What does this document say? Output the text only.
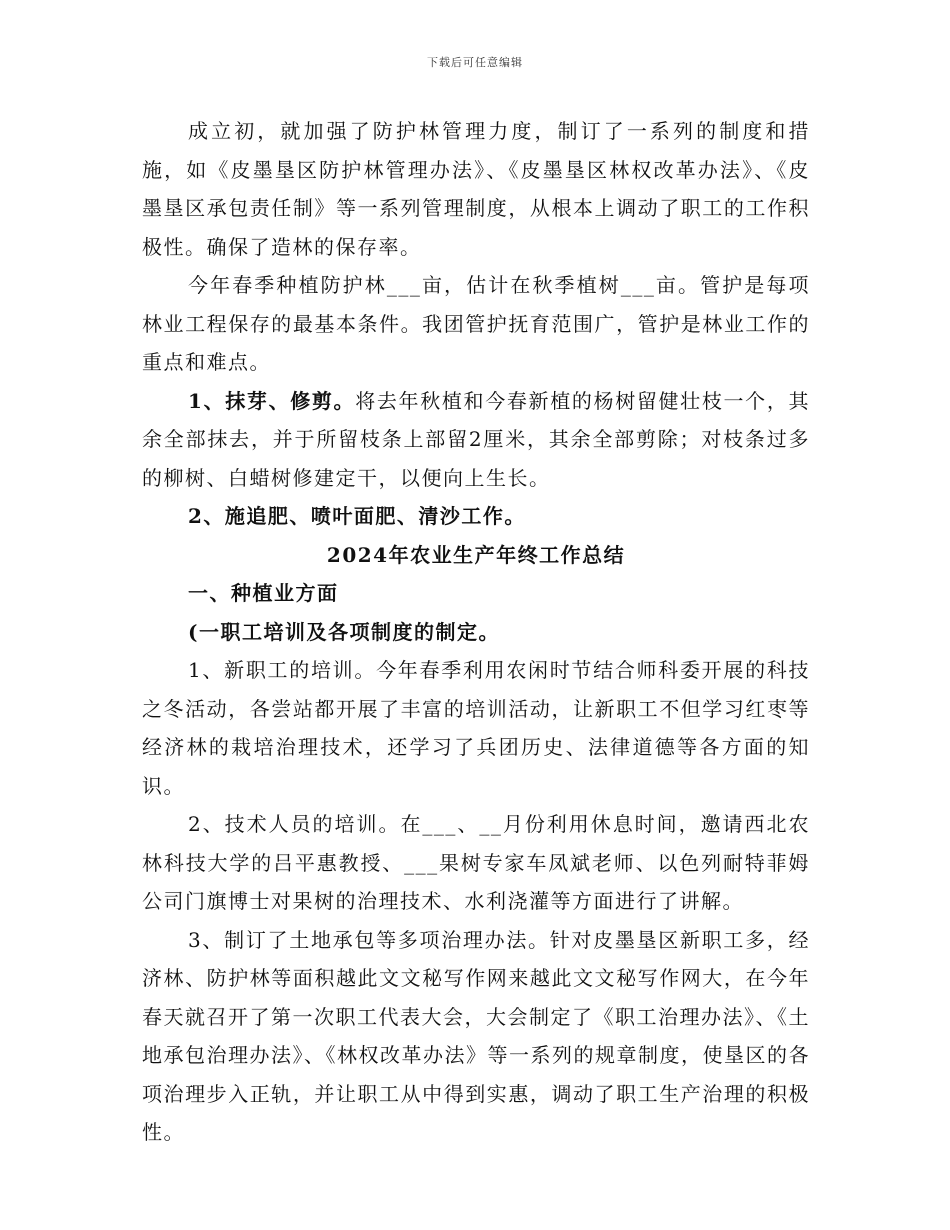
下载后可任意编辑

成立初，就加强了防护林管理力度，制订了一系列的制度和措施，如《皮墨垦区防护林管理办法》、《皮墨垦区林权改革办法》、《皮墨垦区承包责任制》等一系列管理制度，从根本上调动了职工的工作积极性。确保了造林的保存率。

今年春季种植防护林___亩，估计在秋季植树___亩。管护是每项林业工程保存的最基本条件。我团管护抚育范围广，管护是林业工作的重点和难点。

1、抹芽、修剪。将去年秋植和今春新植的杨树留健壮枝一个，其余全部抹去，并于所留枝条上部留2厘米，其余全部剪除；对枝条过多的柳树、白蜡树修建定干，以便向上生长。

2、施追肥、喷叶面肥、清沙工作。

2024年农业生产年终工作总结

一、种植业方面

(一职工培训及各项制度的制定。

1、新职工的培训。今年春季利用农闲时节结合师科委开展的科技之冬活动，各尝站都开展了丰富的培训活动，让新职工不但学习红枣等经济林的栽培治理技术，还学习了兵团历史、法律道德等各方面的知识。

2、技术人员的培训。在___、__月份利用休息时间，邀请西北农林科技大学的吕平惠教授、___果树专家车凤斌老师、以色列耐特菲姆公司门旗博士对果树的治理技术、水利浇灌等方面进行了讲解。

3、制订了土地承包等多项治理办法。针对皮墨垦区新职工多，经济林、防护林等面积越此文文秘写作网来越此文文秘写作网大，在今年春天就召开了第一次职工代表大会，大会制定了《职工治理办法》、《土地承包治理办法》、《林权改革办法》等一系列的规章制度，使垦区的各项治理步入正轨，并让职工从中得到实惠，调动了职工生产治理的积极性。
